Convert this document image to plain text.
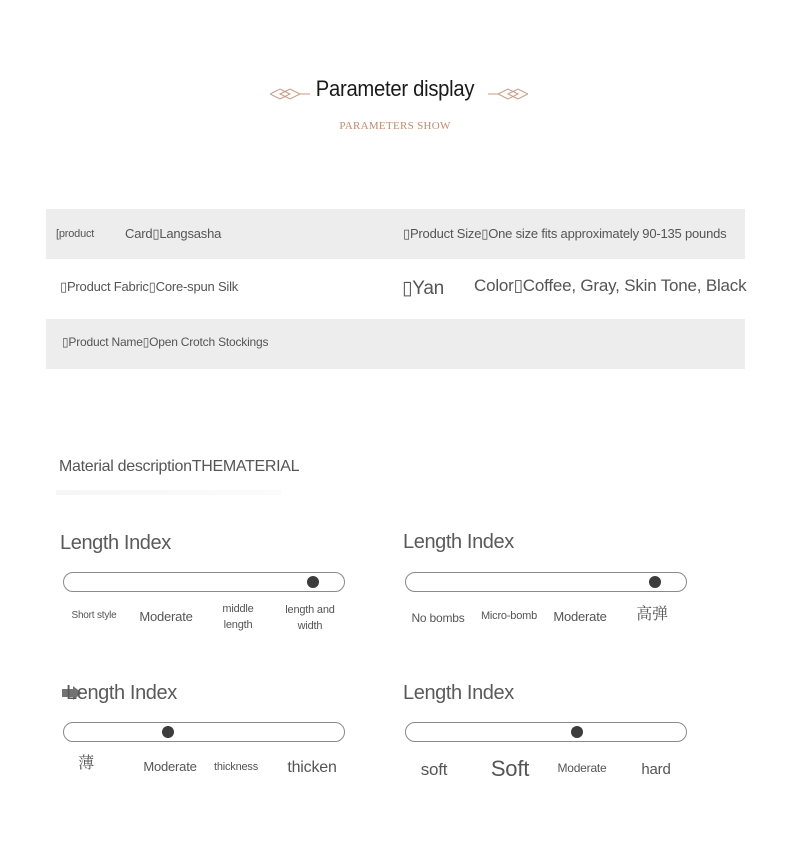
Parameter display
PARAMETERS SHOW
[product Card▯Langsasha	▯Product Size▯One size fits approximately 90-135 pounds
▯Product Fabric▯Core-spun Silk	▯Yan Color▯Coffee, Gray, Skin Tone, Black
▯Product Name▯Open Crotch Stockings
Material descriptionTHEMATERIAL
Length Index
Short style	Moderate	middle length
length and width
Length Index
No bombs	Micro-bomb Moderate	高弹
Length Index
薄	Moderate	thickness	thicken
Length Index
soft	Soft	Moderate	hard
